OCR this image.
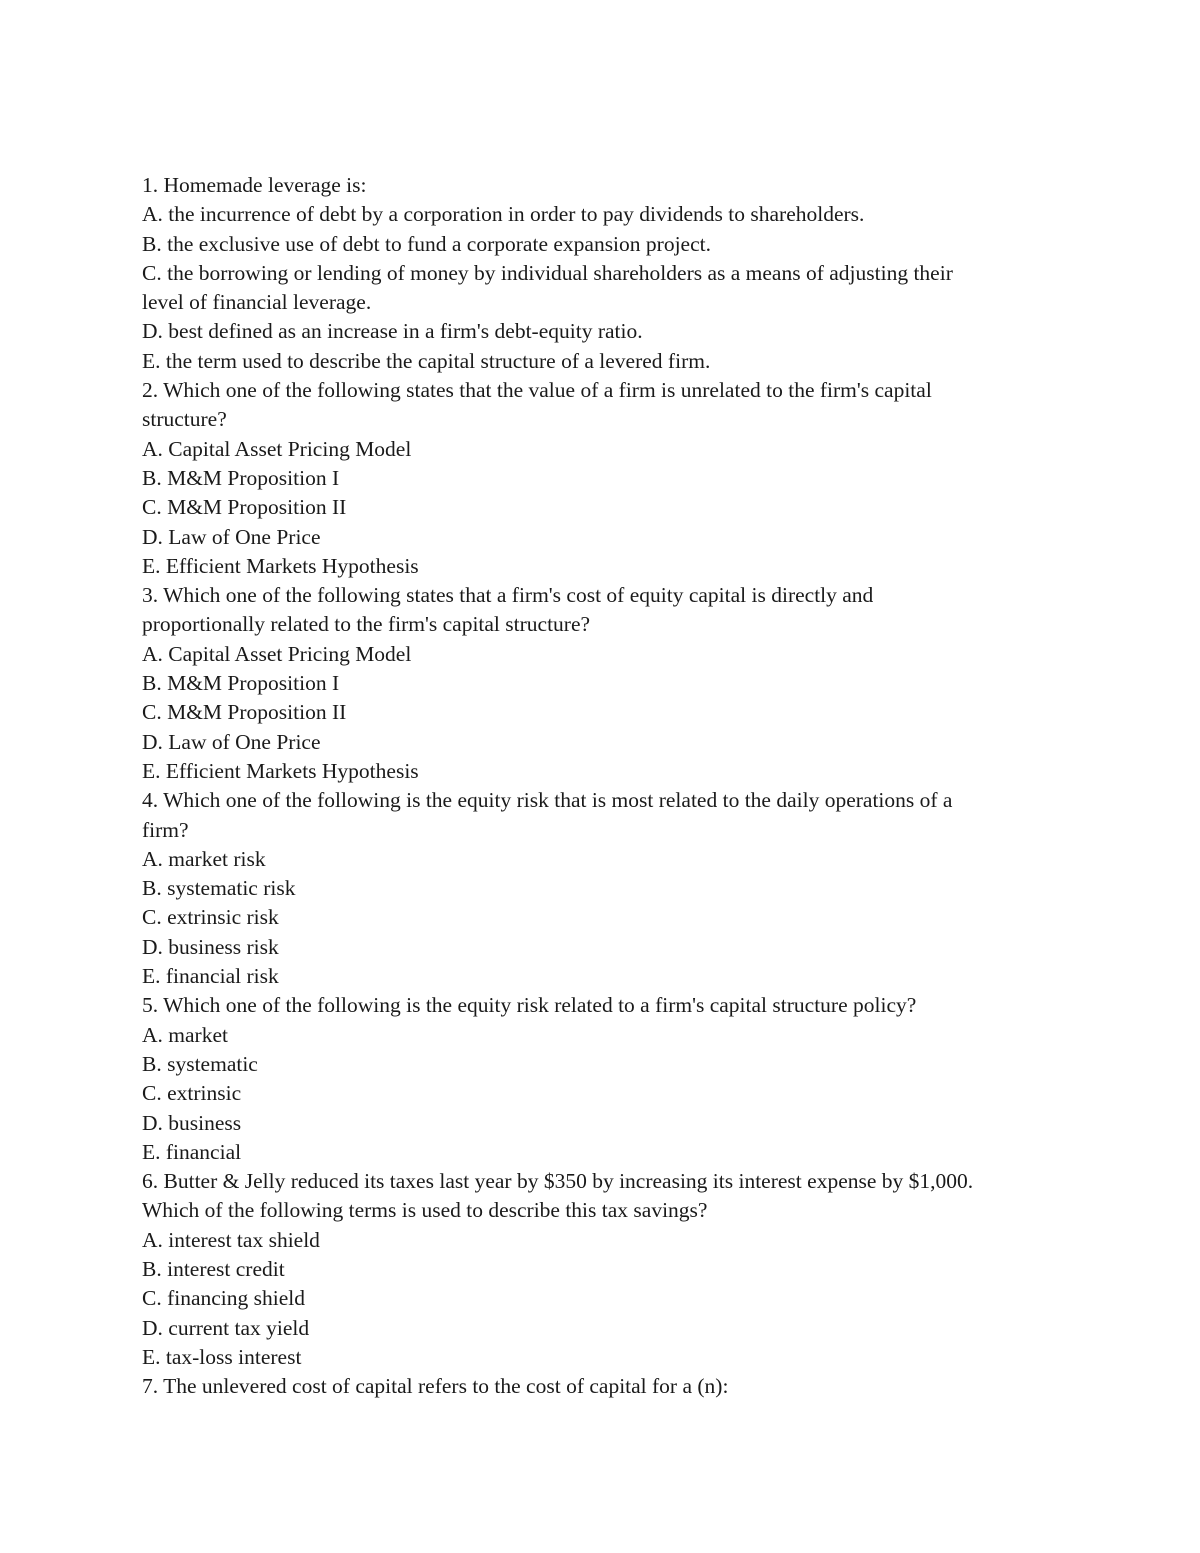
1. Homemade leverage is:
A. the incurrence of debt by a corporation in order to pay dividends to shareholders.
B. the exclusive use of debt to fund a corporate expansion project.
C. the borrowing or lending of money by individual shareholders as a means of adjusting their
level of financial leverage.
D. best defined as an increase in a firm's debt-equity ratio.
E. the term used to describe the capital structure of a levered firm.
2. Which one of the following states that the value of a firm is unrelated to the firm's capital
structure?
A. Capital Asset Pricing Model
B. M&M Proposition I
C. M&M Proposition II
D. Law of One Price
E. Efficient Markets Hypothesis
3. Which one of the following states that a firm's cost of equity capital is directly and
proportionally related to the firm's capital structure?
A. Capital Asset Pricing Model
B. M&M Proposition I
C. M&M Proposition II
D. Law of One Price
E. Efficient Markets Hypothesis
4. Which one of the following is the equity risk that is most related to the daily operations of a
firm?
A. market risk
B. systematic risk
C. extrinsic risk
D. business risk
E. financial risk
5. Which one of the following is the equity risk related to a firm's capital structure policy?
A. market
B. systematic
C. extrinsic
D. business
E. financial
6. Butter & Jelly reduced its taxes last year by $350 by increasing its interest expense by $1,000.
Which of the following terms is used to describe this tax savings?
A. interest tax shield
B. interest credit
C. financing shield
D. current tax yield
E. tax-loss interest
7. The unlevered cost of capital refers to the cost of capital for a (n):
